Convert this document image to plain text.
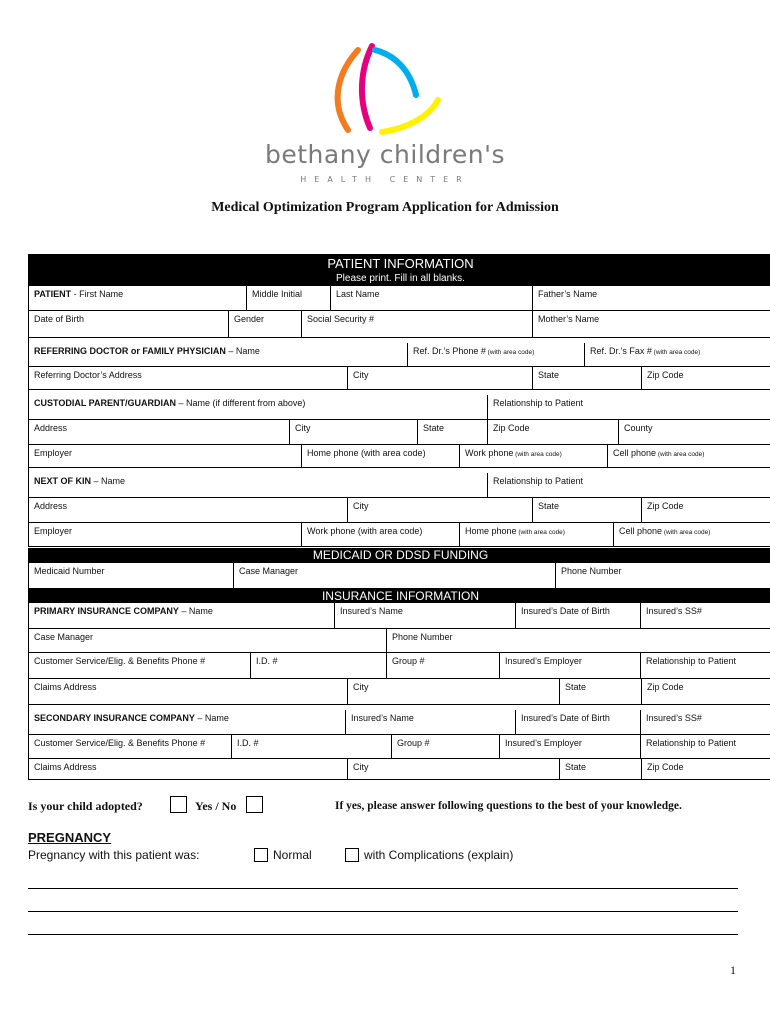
bethany children's
HEALTH CENTER
Medical Optimization Program Application for Admission
PATIENT INFORMATION
Please print. Fill in all blanks.
PATIENT - First Name	Middle Initial	Last Name	Father’s Name
Date of Birth	Gender	Social Security #	Mother’s Name
REFERRING DOCTOR or FAMILY PHYSICIAN – Name	Ref. Dr.’s Phone # (with area code)	Ref. Dr.’s Fax # (with area code)
Referring Doctor’s Address	City	State	Zip Code
CUSTODIAL PARENT/GUARDIAN – Name (if different from above)	Relationship to Patient
Address	City	State	Zip Code	County
Employer	Home phone (with area code)	Work phone (with area code)	Cell phone (with area code)
NEXT OF KIN – Name	Relationship to Patient
Address	City	State	Zip Code
Employer	Work phone (with area code)	Home phone (with area code)	Cell phone (with area code)
MEDICAID OR DDSD FUNDING
Medicaid Number	Case Manager	Phone Number
INSURANCE INFORMATION
PRIMARY INSURANCE COMPANY – Name	Insured’s Name	Insured’s Date of Birth	Insured’s SS#
Case Manager	Phone Number
Customer Service/Elig. & Benefits Phone #	I.D. #	Group #	Insured’s Employer	Relationship to Patient
Claims Address	City	State	Zip Code
SECONDARY INSURANCE COMPANY – Name	Insured’s Name	Insured’s Date of Birth	Insured’s SS#
Customer Service/Elig. & Benefits Phone #	I.D. #	Group #	Insured’s Employer	Relationship to Patient
Claims Address	City	State	Zip Code
Is your child adopted?	Yes / No	If yes, please answer following questions to the best of your knowledge.
PREGNANCY
Pregnancy with this patient was:	Normal	with Complications (explain)
1
